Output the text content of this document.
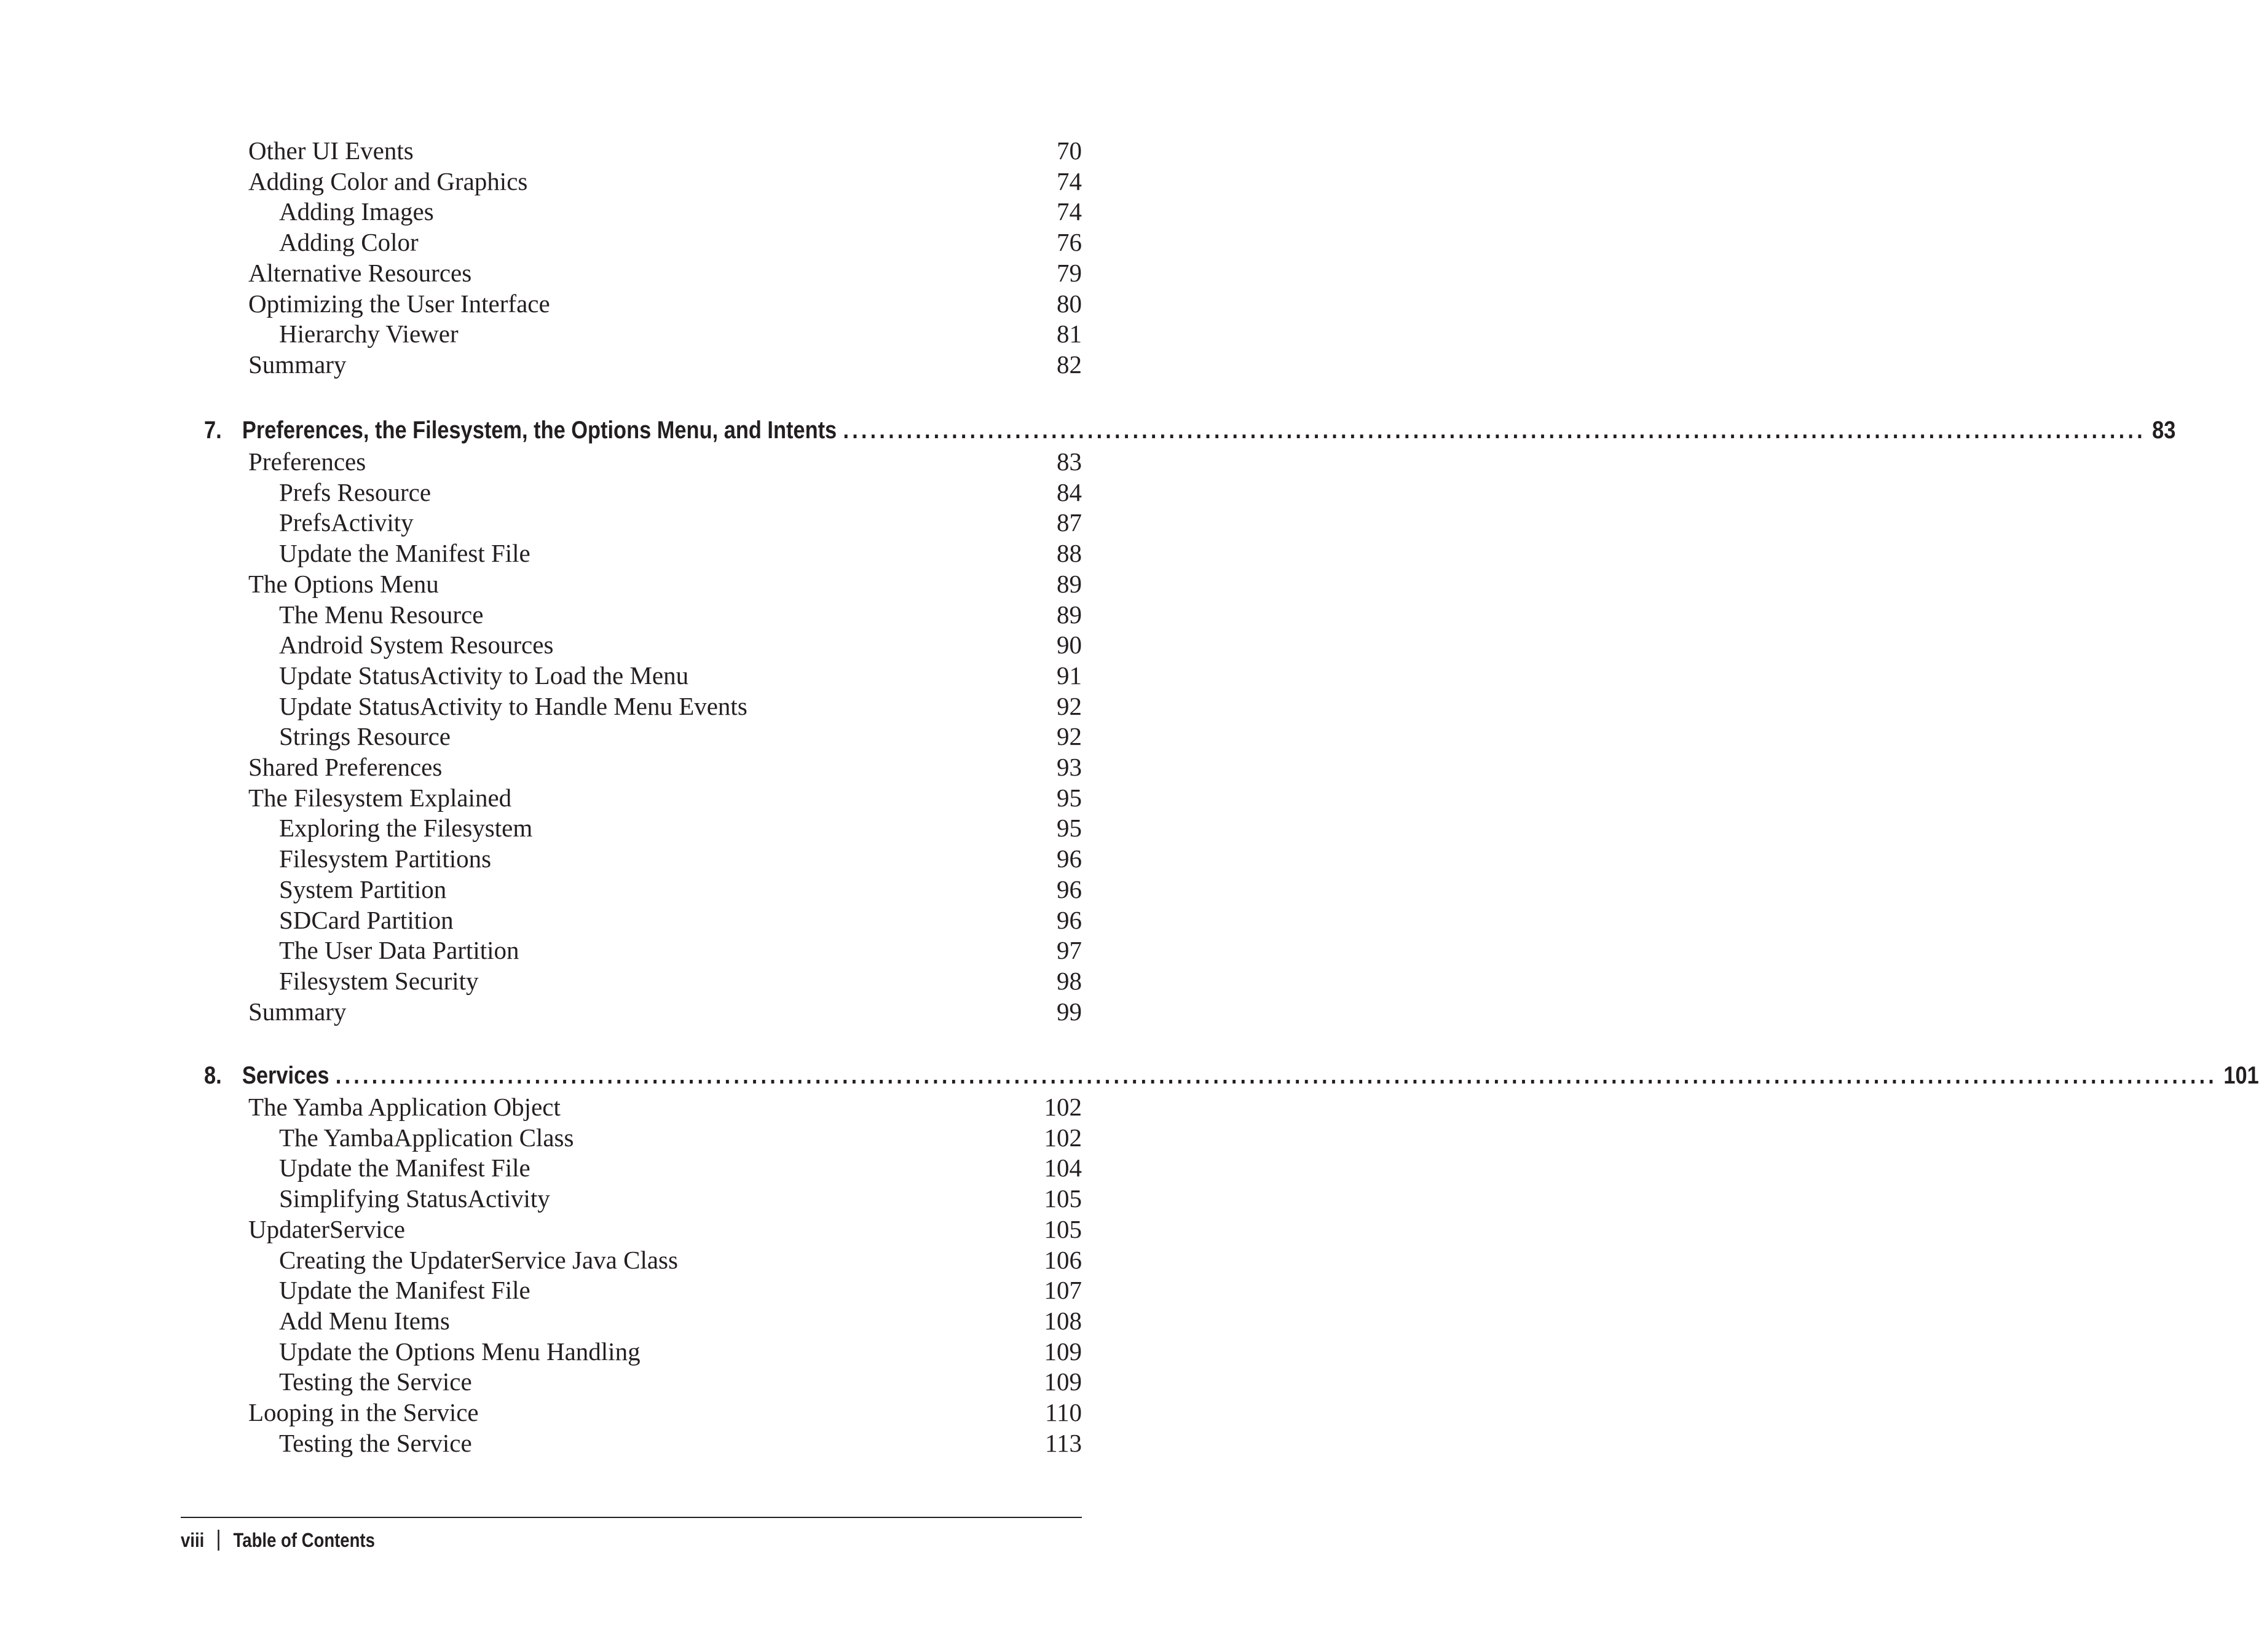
Other UI Events	70
Adding Color and Graphics	74
Adding Images	74
Adding Color	76
Alternative Resources	79
Optimizing the User Interface	80
Hierarchy Viewer	81
Summary	82
7. Preferences, the Filesystem, the Options Menu, and Intents ................................................................................................................................................ 83
Preferences	83
Prefs Resource	84
PrefsActivity	87
Update the Manifest File	88
The Options Menu	89
The Menu Resource	89
Android System Resources	90
Update StatusActivity to Load the Menu	91
Update StatusActivity to Handle Menu Events	92
Strings Resource	92
Shared Preferences	93
The Filesystem Explained	95
Exploring the Filesystem	95
Filesystem Partitions	96
System Partition	96
SDCard Partition	96
The User Data Partition	97
Filesystem Security	98
Summary	99
8. Services ................................................................................................................................................................................................................ 101
The Yamba Application Object	102
The YambaApplication Class	102
Update the Manifest File	104
Simplifying StatusActivity	105
UpdaterService	105
Creating the UpdaterService Java Class	106
Update the Manifest File	107
Add Menu Items	108
Update the Options Menu Handling	109
Testing the Service	109
Looping in the Service	110
Testing the Service	113
viii Table of Contents
